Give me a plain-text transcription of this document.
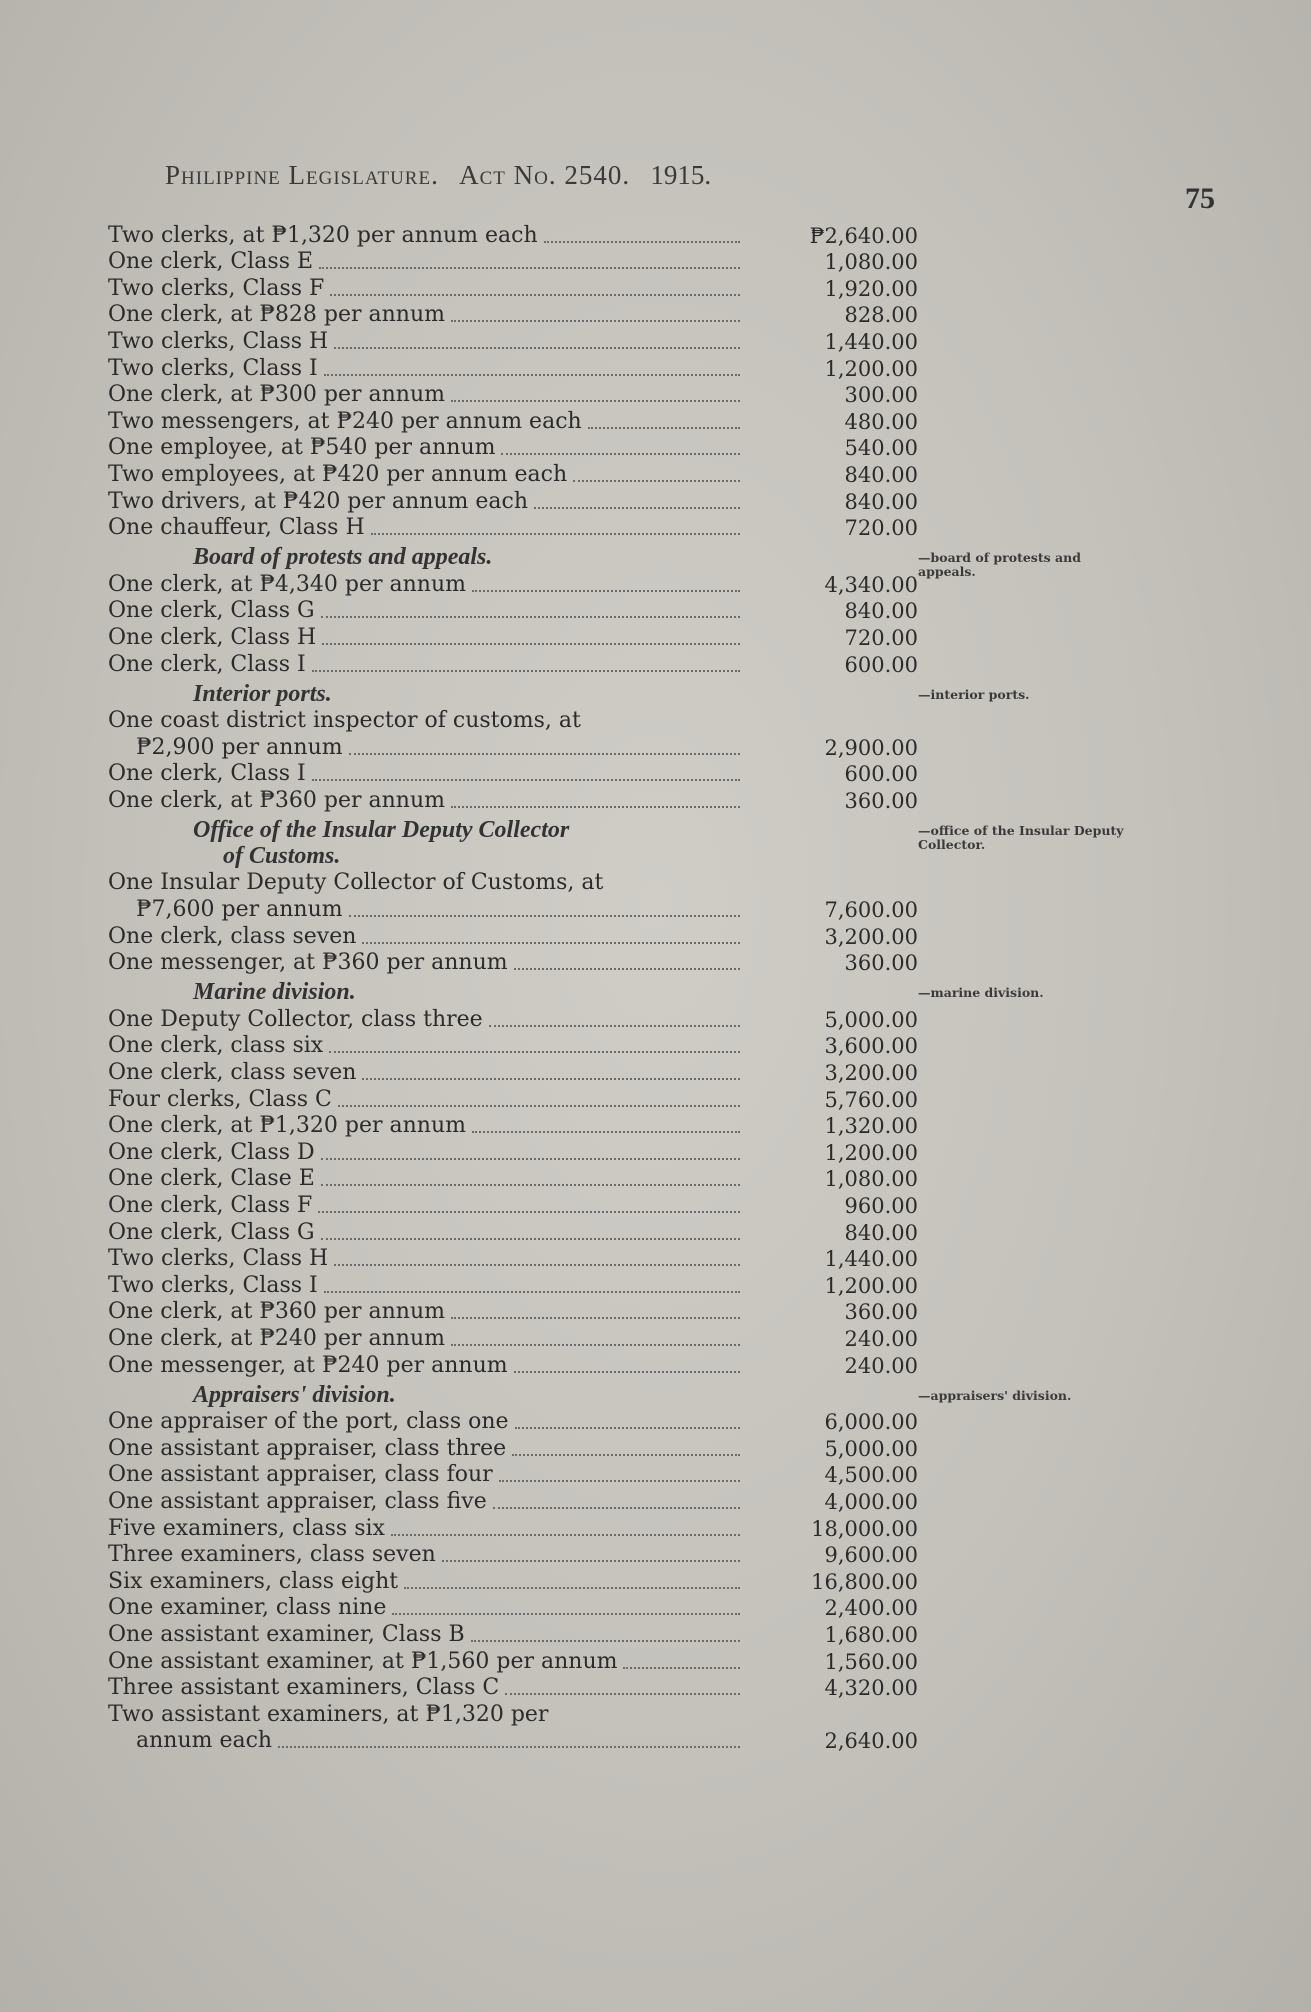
Philippine Legislature. Act No. 2540. 1915.
75
Two clerks, at ₱1,320 per annum each	₱2,640.00
One clerk, Class E	1,080.00
Two clerks, Class F	1,920.00
One clerk, at ₱828 per annum	828.00
Two clerks, Class H	1,440.00
Two clerks, Class I	1,200.00
One clerk, at ₱300 per annum	300.00
Two messengers, at ₱240 per annum each	480.00
One employee, at ₱540 per annum	540.00
Two employees, at ₱420 per annum each	840.00
Two drivers, at ₱420 per annum each	840.00
One chauffeur, Class H	720.00
Board of protests and appeals.
One clerk, at ₱4,340 per annum	4,340.00
One clerk, Class G	840.00
One clerk, Class H	720.00
One clerk, Class I	600.00
Interior ports.
One coast district inspector of customs, at
₱2,900 per annum	2,900.00
One clerk, Class I	600.00
One clerk, at ₱360 per annum	360.00
Office of the Insular Deputy Collector
of Customs.
One Insular Deputy Collector of Customs, at
₱7,600 per annum	7,600.00
One clerk, class seven	3,200.00
One messenger, at ₱360 per annum	360.00
Marine division.
One Deputy Collector, class three	5,000.00
One clerk, class six	3,600.00
One clerk, class seven	3,200.00
Four clerks, Class C	5,760.00
One clerk, at ₱1,320 per annum	1,320.00
One clerk, Class D	1,200.00
One clerk, Clase E	1,080.00
One clerk, Class F	960.00
One clerk, Class G	840.00
Two clerks, Class H	1,440.00
Two clerks, Class I	1,200.00
One clerk, at ₱360 per annum	360.00
One clerk, at ₱240 per annum	240.00
One messenger, at ₱240 per annum	240.00
Appraisers' division.
One appraiser of the port, class one	6,000.00
One assistant appraiser, class three	5,000.00
One assistant appraiser, class four	4,500.00
One assistant appraiser, class five	4,000.00
Five examiners, class six	18,000.00
Three examiners, class seven	9,600.00
Six examiners, class eight	16,800.00
One examiner, class nine	2,400.00
One assistant examiner, Class B	1,680.00
One assistant examiner, at ₱1,560 per annum	1,560.00
Three assistant examiners, Class C	4,320.00
Two assistant examiners, at ₱1,320 per
annum each	2,640.00
—board of protests and appeals.
—interior ports.
—office of the Insular Deputy Collector.
—marine division.
—appraisers' division.
